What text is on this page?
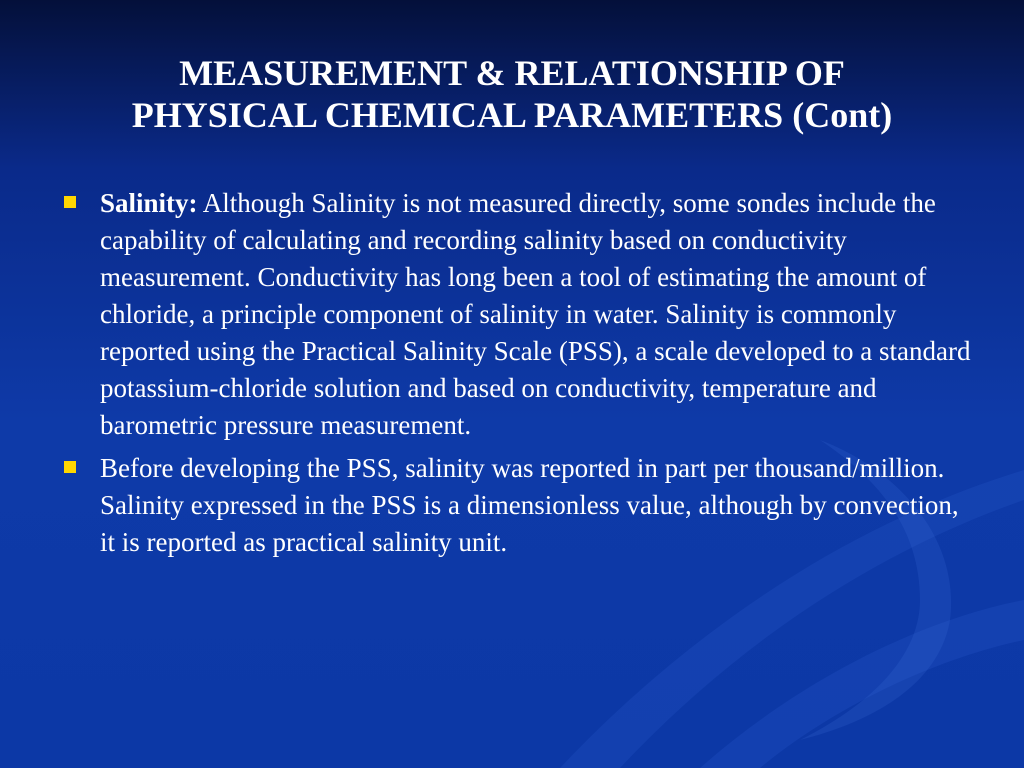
MEASUREMENT & RELATIONSHIP OF
PHYSICAL CHEMICAL PARAMETERS (Cont)
Salinity: Although Salinity is not measured directly, some sondes include the capability of calculating and recording salinity based on conductivity measurement. Conductivity has long been a tool of estimating the amount of chloride, a principle component of salinity in water. Salinity is commonly reported using the Practical Salinity Scale (PSS), a scale developed to a standard potassium-chloride solution and based on conductivity, temperature and barometric pressure measurement.
Before developing the PSS, salinity was reported in part per thousand/million. Salinity expressed in the PSS is a dimensionless value, although by convection, it is reported as practical salinity unit.
